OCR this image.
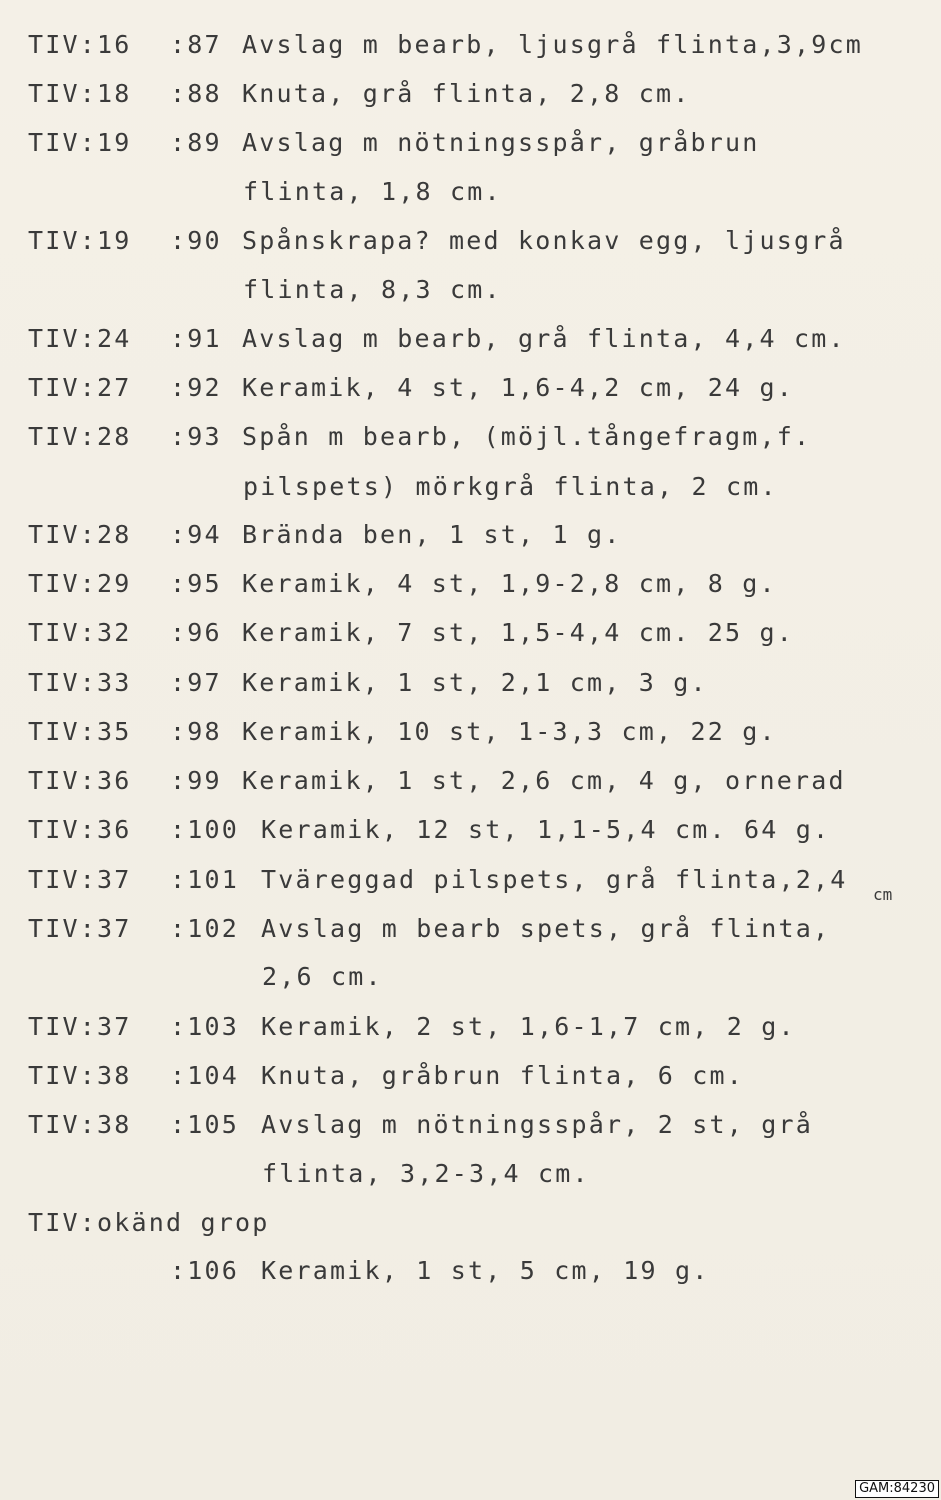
TIV:16 :87 Avslag m bearb, ljusgrå flinta,3,9cm
TIV:18 :88 Knuta, grå flinta, 2,8 cm.
TIV:19 :89 Avslag m nötningsspår, gråbrun
flinta, 1,8 cm.
TIV:19 :90 Spånskrapa? med konkav egg, ljusgrå
flinta, 8,3 cm.
TIV:24 :91 Avslag m bearb, grå flinta, 4,4 cm.
TIV:27 :92 Keramik, 4 st, 1,6-4,2 cm, 24 g.
TIV:28 :93 Spån m bearb, (möjl.tångefragm,f.
pilspets) mörkgrå flinta, 2 cm.
TIV:28 :94 Brända ben, 1 st, 1 g.
TIV:29 :95 Keramik, 4 st, 1,9-2,8 cm, 8 g.
TIV:32 :96 Keramik, 7 st, 1,5-4,4 cm. 25 g.
TIV:33 :97 Keramik, 1 st, 2,1 cm, 3 g.
TIV:35 :98 Keramik, 10 st, 1-3,3 cm, 22 g.
TIV:36 :99 Keramik, 1 st, 2,6 cm, 4 g, ornerad
TIV:36 :100 Keramik, 12 st, 1,1-5,4 cm. 64 g.
TIV:37 :101 Tväreggad pilspets, grå flinta,2,4
cm
TIV:37 :102 Avslag m bearb spets, grå flinta,
2,6 cm.
TIV:37 :103 Keramik, 2 st, 1,6-1,7 cm, 2 g.
TIV:38 :104 Knuta, gråbrun flinta, 6 cm.
TIV:38 :105 Avslag m nötningsspår, 2 st, grå
flinta, 3,2-3,4 cm.
TIV:okänd grop
:106 Keramik, 1 st, 5 cm, 19 g.
GAM:84230
